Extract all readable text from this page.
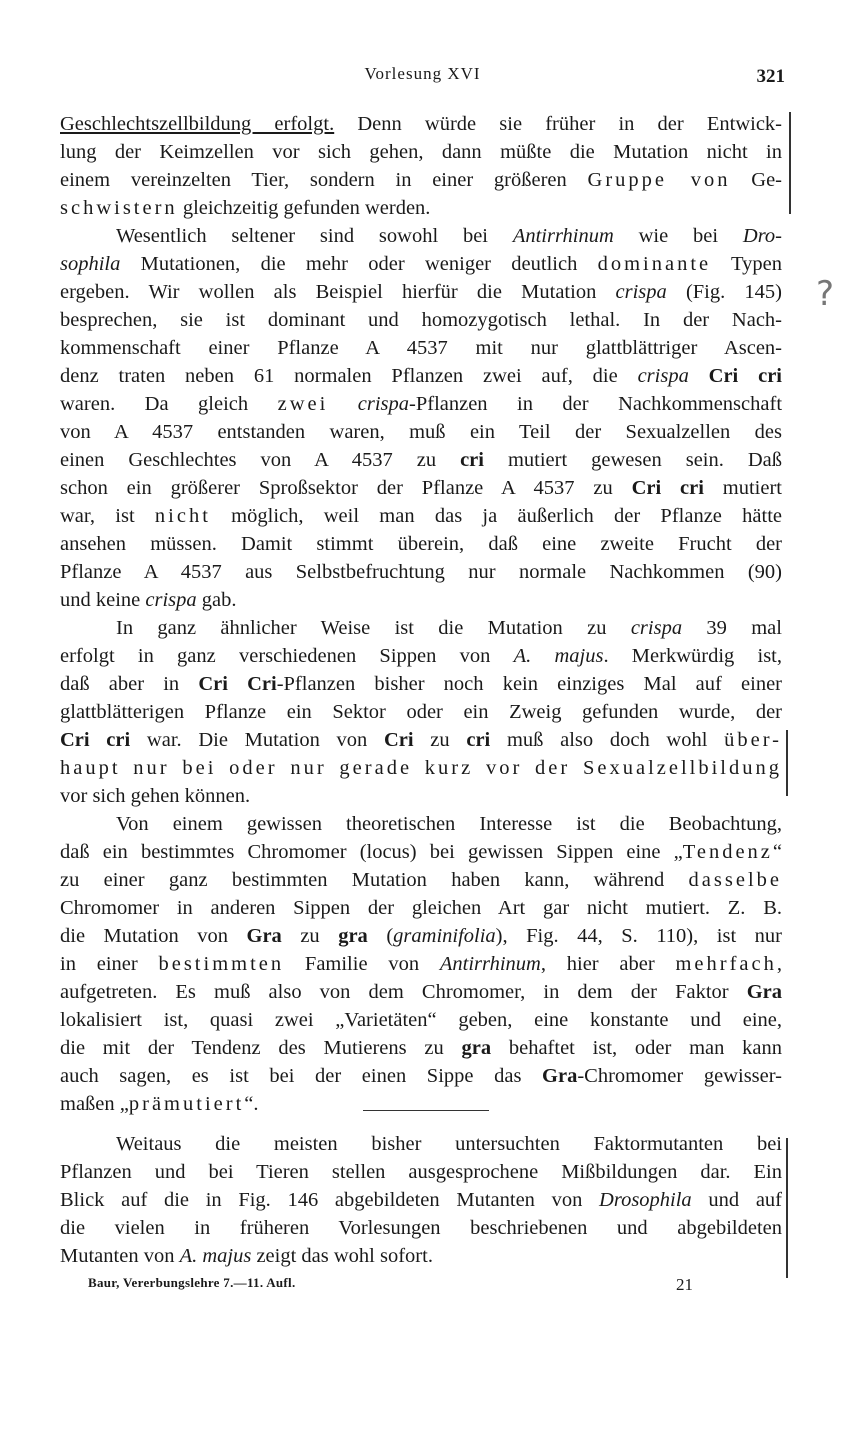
Vorlesung XVI	321
Geschlechtszellbildung erfolgt. Denn würde sie früher in der Entwick-
lung der Keimzellen vor sich gehen, dann müßte die Mutation nicht in
einem vereinzelten Tier, sondern in einer größeren Gruppe von Ge-
schwistern gleichzeitig gefunden werden.
Wesentlich seltener sind sowohl bei Antirrhinum wie bei Dro-
sophila Mutationen, die mehr oder weniger deutlich dominante Typen
ergeben. Wir wollen als Beispiel hierfür die Mutation crispa (Fig. 145)
besprechen, sie ist dominant und homozygotisch lethal. In der Nach-
kommenschaft einer Pflanze A 4537 mit nur glattblättriger Ascen-
denz traten neben 61 normalen Pflanzen zwei auf, die crispa Cri cri
waren. Da gleich zwei crispa-Pflanzen in der Nachkommenschaft
von A 4537 entstanden waren, muß ein Teil der Sexualzellen des
einen Geschlechtes von A 4537 zu cri mutiert gewesen sein. Daß
schon ein größerer Sproßsektor der Pflanze A 4537 zu Cri cri mutiert
war, ist nicht möglich, weil man das ja äußerlich der Pflanze hätte
ansehen müssen. Damit stimmt überein, daß eine zweite Frucht der
Pflanze A 4537 aus Selbstbefruchtung nur normale Nachkommen (90)
und keine crispa gab.
In ganz ähnlicher Weise ist die Mutation zu crispa 39 mal
erfolgt in ganz verschiedenen Sippen von A. majus. Merkwürdig ist,
daß aber in Cri Cri-Pflanzen bisher noch kein einziges Mal auf einer
glattblätterigen Pflanze ein Sektor oder ein Zweig gefunden wurde, der
Cri cri war. Die Mutation von Cri zu cri muß also doch wohl über-
haupt nur bei oder nur gerade kurz vor der Sexualzellbildung
vor sich gehen können.
Von einem gewissen theoretischen Interesse ist die Beobachtung,
daß ein bestimmtes Chromomer (locus) bei gewissen Sippen eine „Tendenz“
zu einer ganz bestimmten Mutation haben kann, während dasselbe
Chromomer in anderen Sippen der gleichen Art gar nicht mutiert. Z. B.
die Mutation von Gra zu gra (graminifolia), Fig. 44, S. 110), ist nur
in einer bestimmten Familie von Antirrhinum, hier aber mehrfach,
aufgetreten. Es muß also von dem Chromomer, in dem der Faktor Gra
lokalisiert ist, quasi zwei „Varietäten“ geben, eine konstante und eine,
die mit der Tendenz des Mutierens zu gra behaftet ist, oder man kann
auch sagen, es ist bei der einen Sippe das Gra-Chromomer gewisser-
maßen „prämutiert“.
Weitaus die meisten bisher untersuchten Faktormutanten bei
Pflanzen und bei Tieren stellen ausgesprochene Mißbildungen dar. Ein
Blick auf die in Fig. 146 abgebildeten Mutanten von Drosophila und auf
die vielen in früheren Vorlesungen beschriebenen und abgebildeten
Mutanten von A. majus zeigt das wohl sofort.
Baur, Vererbungslehre 7.—11. Aufl.	21
?
